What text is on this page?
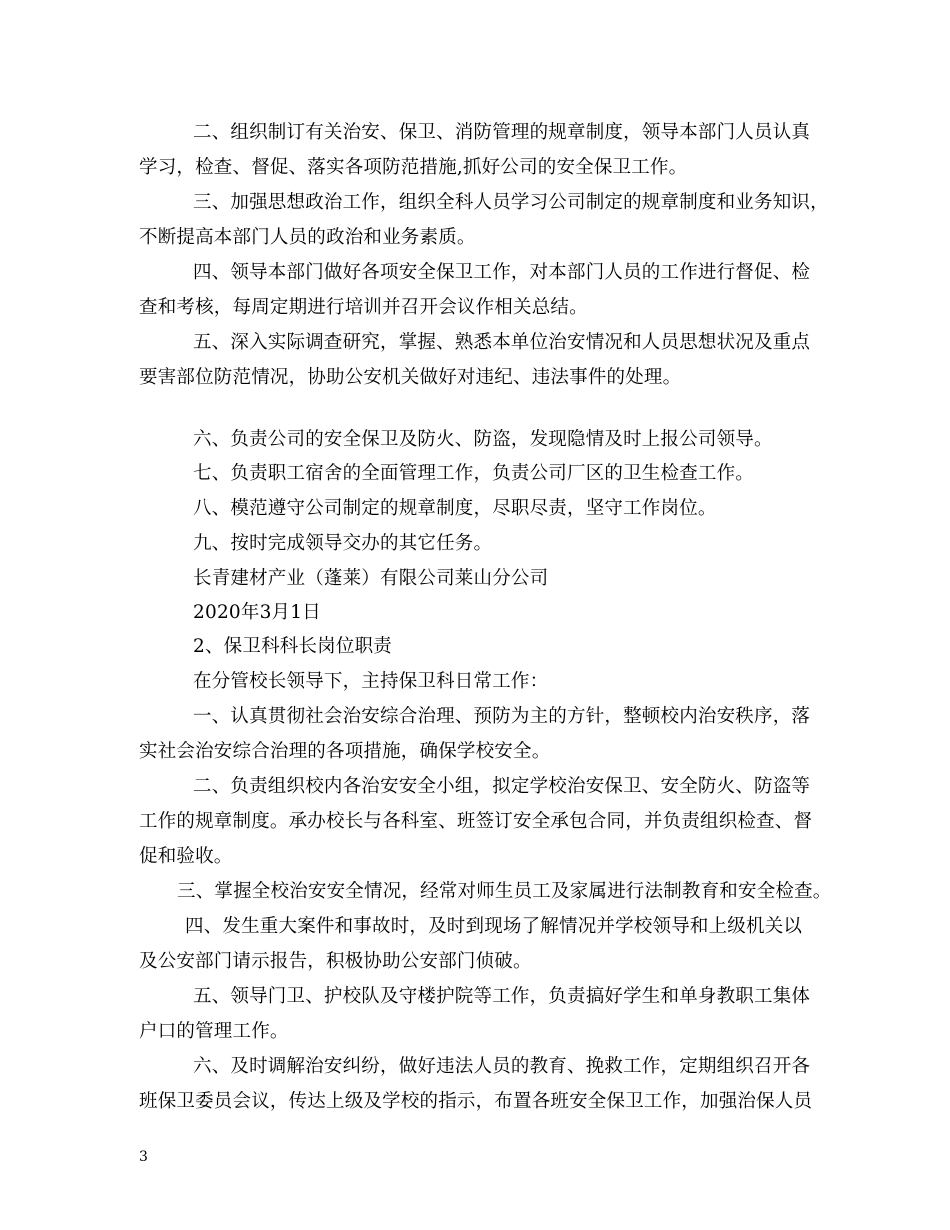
二、组织制订有关治安、保卫、消防管理的规章制度，领导本部门人员认真
学习，检查、督促、落实各项防范措施,抓好公司的安全保卫工作。
三、加强思想政治工作，组织全科人员学习公司制定的规章制度和业务知识，
不断提高本部门人员的政治和业务素质。
四、领导本部门做好各项安全保卫工作，对本部门人员的工作进行督促、检
查和考核，每周定期进行培训并召开会议作相关总结。
五、深入实际调查研究，掌握、熟悉本单位治安情况和人员思想状况及重点
要害部位防范情况，协助公安机关做好对违纪、违法事件的处理。
六、负责公司的安全保卫及防火、防盗，发现隐情及时上报公司领导。
七、负责职工宿舍的全面管理工作，负责公司厂区的卫生检查工作。
八、模范遵守公司制定的规章制度，尽职尽责，坚守工作岗位。
九、按时完成领导交办的其它任务。
长青建材产业（蓬莱）有限公司莱山分公司
2020年3月1日
2、保卫科科长岗位职责
在分管校长领导下，主持保卫科日常工作：
一、认真贯彻社会治安综合治理、预防为主的方针，整顿校内治安秩序，落
实社会治安综合治理的各项措施，确保学校安全。
二、负责组织校内各治安安全小组，拟定学校治安保卫、安全防火、防盗等
工作的规章制度。承办校长与各科室、班签订安全承包合同，并负责组织检查、督
促和验收。
三、掌握全校治安安全情况，经常对师生员工及家属进行法制教育和安全检查。
四、发生重大案件和事故时，及时到现场了解情况并学校领导和上级机关以
及公安部门请示报告，积极协助公安部门侦破。
五、领导门卫、护校队及守楼护院等工作，负责搞好学生和单身教职工集体
户口的管理工作。
六、及时调解治安纠纷，做好违法人员的教育、挽救工作，定期组织召开各
班保卫委员会议，传达上级及学校的指示，布置各班安全保卫工作，加强治保人员
3
